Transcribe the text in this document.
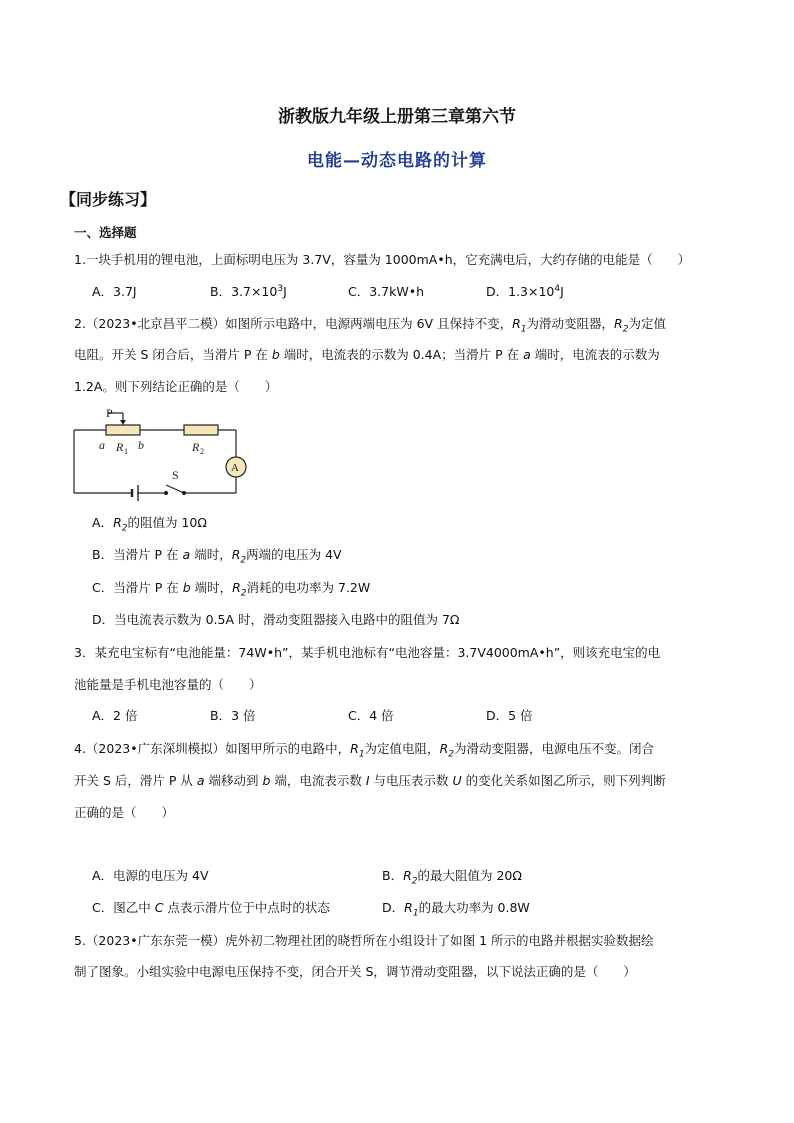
浙教版九年级上册第三章第六节
电能—动态电路的计算
【同步练习】
一、选择题
1.一块手机用的锂电池，上面标明电压为 3.7V，容量为 1000mA•h，它充满电后，大约存储的电能是（　　）
A．3.7J	B．$3.7\times 10^3J$	C．3.7kW•h	D．$1.3\times 10^4J$
2.（2023•北京昌平二模）如图所示电路中，电源两端电压为 6V 且保持不变，$R_1$为滑动变阻器，$R_2$为定值
电阻。开关 S 闭合后，当滑片 P 在 b 端时，电流表的示数为 0.4A；当滑片 P 在 a 端时，电流表的示数为
1.2A。则下列结论正确的是（　　）
P
a R 1 b	R 2
A
S
A．$R_2$的阻值为 10Ω
B．当滑片 P 在 a 端时，$R_2$两端的电压为 4V
C．当滑片 P 在 b 端时，$R_2$消耗的电功率为 7.2W
D．当电流表示数为 0.5A 时，滑动变阻器接入电路中的阻值为 7Ω
3．某充电宝标有“电池能量：74W•h”，某手机电池标有“电池容量：3.7V4000mA•h”，则该充电宝的电
池能量是手机电池容量的（　　）
A．2 倍	B．3 倍	C．4 倍	D．5 倍
4.（2023•广东深圳模拟）如图甲所示的电路中，$R_1$为定值电阻，$R_2$为滑动变阻器，电源电压不变。闭合
开关 S 后，滑片 P 从 a 端移动到 b 端，电流表示数 I 与电压表示数 U 的变化关系如图乙所示，则下列判断
正确的是（　　）
A．电源的电压为 4V	B．$R_2$的最大阻值为 20Ω
C．图乙中 C 点表示滑片位于中点时的状态	D．$R_1$的最大功率为 0.8W
5.（2023•广东东莞一模）虎外初二物理社团的晓哲所在小组设计了如图 1 所示的电路并根据实验数据绘
制了图象。小组实验中电源电压保持不变，闭合开关 S，调节滑动变阻器，以下说法正确的是（　　）
